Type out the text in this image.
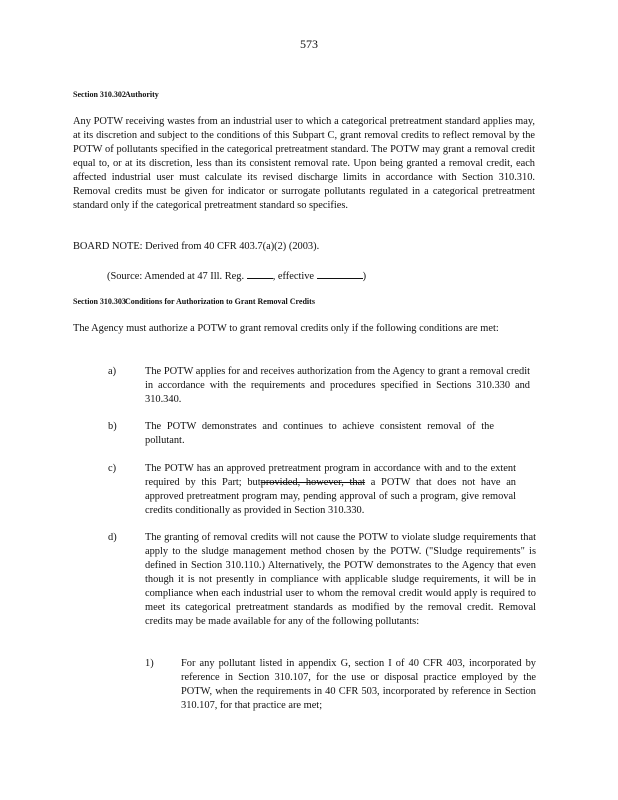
573
Section 310.302 Authority
Any POTW receiving wastes from an industrial user to which a categorical pretreatment standard applies may, at its discretion and subject to the conditions of this Subpart C, grant removal credits to reflect removal by the POTW of pollutants specified in the categorical pretreatment standard. The POTW may grant a removal credit equal to, or at its discretion, less than its consistent removal rate. Upon being granted a removal credit, each affected industrial user must calculate its revised discharge limits in accordance with Section 310.310. Removal credits must be given for indicator or surrogate pollutants regulated in a categorical pretreatment standard only if the categorical pretreatment standard so specifies.
BOARD NOTE: Derived from 40 CFR 403.7(a)(2) (2003).
(Source: Amended at 47 Ill. Reg.	, effective	)
Section 310.303 Conditions for Authorization to Grant Removal Credits
The Agency must authorize a POTW to grant removal credits only if the following conditions are met:
a)	The POTW applies for and receives authorization from the Agency to grant a removal credit in accordance with the requirements and procedures specified in Sections 310.330 and 310.340.
b)	The POTW demonstrates and continues to achieve consistent removal of the pollutant.
c)	The POTW has an approved pretreatment program in accordance with and to the extent required by this Part; butprovided, however, that a POTW that does not have an approved pretreatment program may, pending approval of such a program, give removal credits conditionally as provided in Section 310.330.
d)	The granting of removal credits will not cause the POTW to violate sludge requirements that apply to the sludge management method chosen by the POTW. ("Sludge requirements" is defined in Section 310.110.) Alternatively, the POTW demonstrates to the Agency that even though it is not presently in compliance with applicable sludge requirements, it will be in compliance when each industrial user to whom the removal credit would apply is required to meet its categorical pretreatment standards as modified by the removal credit. Removal credits may be made available for any of the following pollutants:
1)	For any pollutant listed in appendix G, section I of 40 CFR 403, incorporated by reference in Section 310.107, for the use or disposal practice employed by the POTW, when the requirements in 40 CFR 503, incorporated by reference in Section 310.107, for that practice are met;
